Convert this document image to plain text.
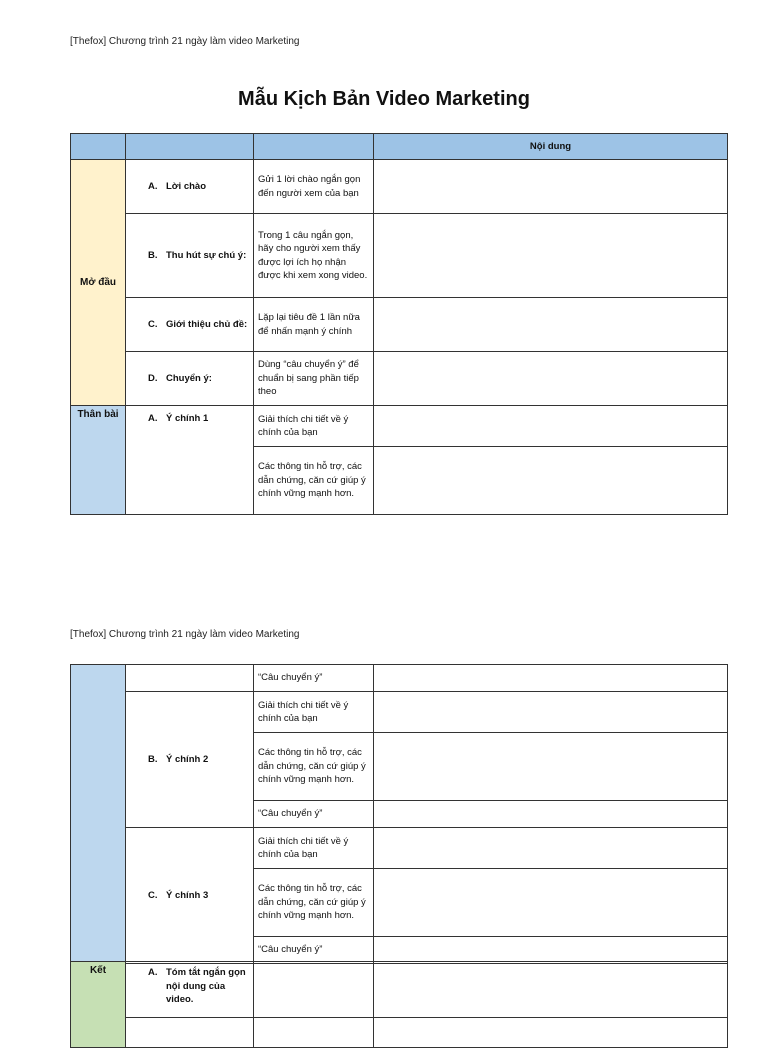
[Thefox] Chương trình 21 ngày làm video Marketing
Mẫu Kịch Bản Video Marketing
			Nội dung
Mở đầu	A. Lời chào	Gửi 1 lời chào ngắn gọn đến người xem của bạn	

	B. Thu hút sự chú ý:	Trong 1 câu ngắn gọn, hãy cho người xem thấy được lợi ích họ nhận được khi xem xong video.	

	C. Giới thiệu chủ đề:	Lặp lại tiêu đề 1 lần nữa để nhấn mạnh ý chính	

	D. Chuyển ý:	Dùng “câu chuyển ý” để chuẩn bị sang phần tiếp theo	
Thân bài	A. Ý chính 1	Giải thích chi tiết về ý chính của bạn	
		Các thông tin hỗ trợ, các dẫn chứng, căn cứ giúp ý chính vững mạnh hơn.	
[Thefox] Chương trình 21 ngày làm video Marketing
		“Câu chuyển ý”	

	B. Ý chính 2	Giải thích chi tiết về ý chính của bạn	
		Các thông tin hỗ trợ, các dẫn chứng, căn cứ giúp ý chính vững mạnh hơn.	
		“Câu chuyển ý”	

	C. Ý chính 3	Giải thích chi tiết về ý chính của bạn	
		Các thông tin hỗ trợ, các dẫn chứng, căn cứ giúp ý chính vững mạnh hơn.	
		“Câu chuyển ý”	
Kết	A. Tóm tắt ngắn gọn nội dung của video.		
